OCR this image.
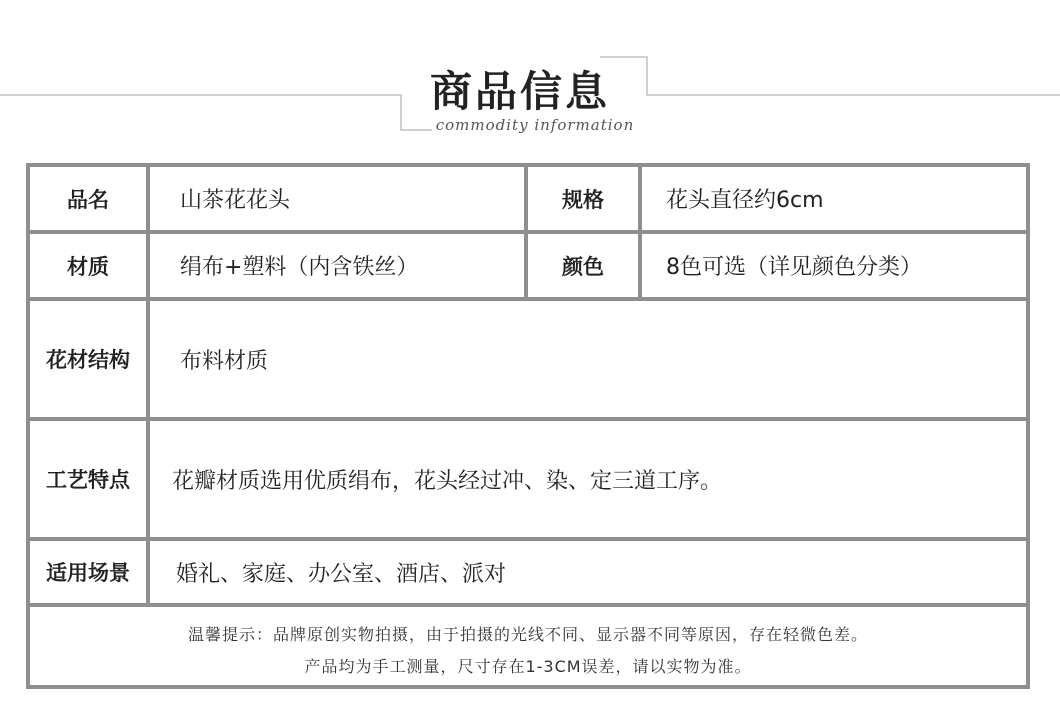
商品信息
commodity information
品名	山茶花花头	规格	花头直径约6cm
材质	绢布+塑料（内含铁丝）	颜色	8色可选（详见颜色分类）
花材结构	布料材质
工艺特点	花瓣材质选用优质绢布，花头经过冲、染、定三道工序。
适用场景	婚礼、家庭、办公室、酒店、派对
温馨提示：品牌原创实物拍摄，由于拍摄的光线不同、显示器不同等原因，存在轻微色差。
产品均为手工测量，尺寸存在1-3CM误差，请以实物为准。
